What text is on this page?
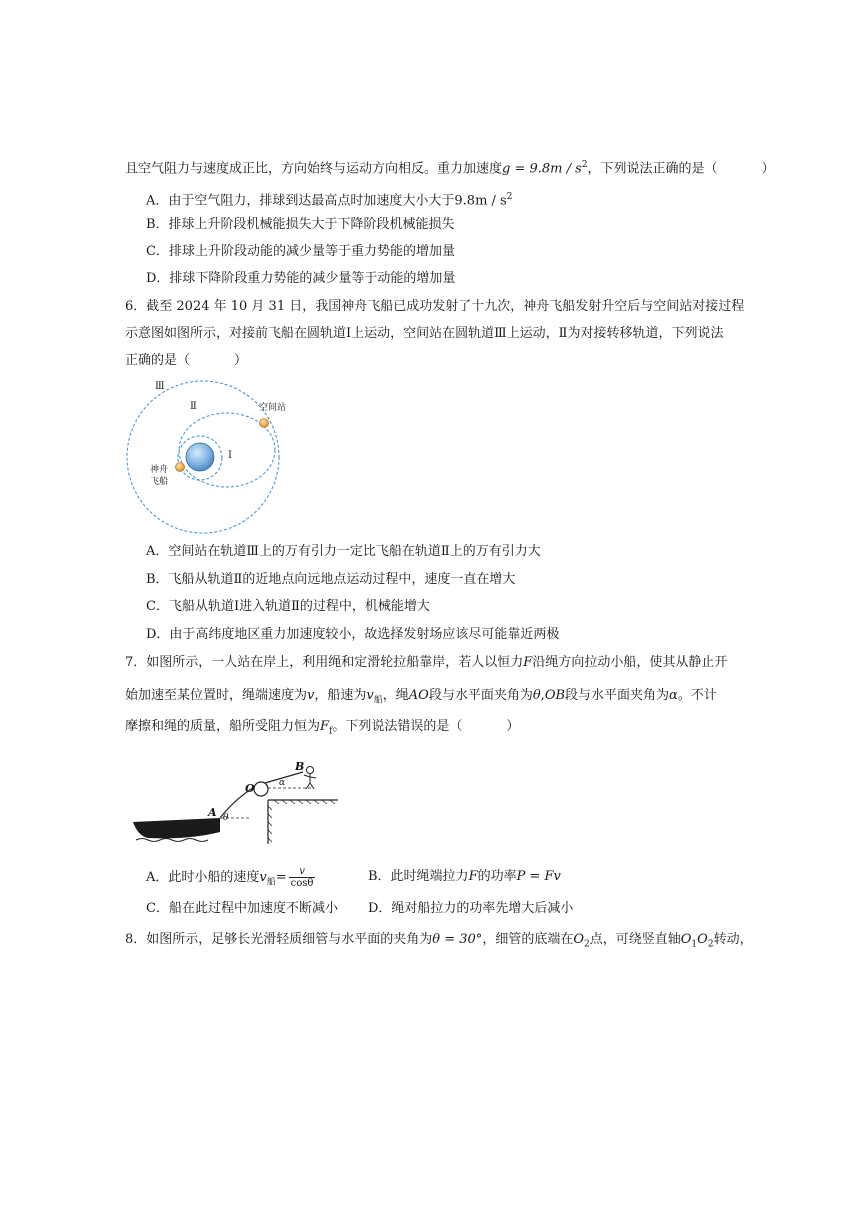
且空气阻力与速度成正比，方向始终与运动方向相反。重力加速度$g = 9.8m / s^2$，下列说法正确的是（	）
A．由于空气阻力，排球到达最高点时加速度大小大于$9.8m / s^2$
B．排球上升阶段机械能损失大于下降阶段机械能损失
C．排球上升阶段动能的减少量等于重力势能的增加量
D．排球下降阶段重力势能的减少量等于动能的增加量
6．截至 2024 年 10 月 31 日，我国神舟飞船已成功发射了十九次，神舟飞船发射升空后与空间站对接过程
示意图如图所示，对接前飞船在圆轨道Ⅰ上运动，空间站在圆轨道Ⅲ上运动，Ⅱ为对接转移轨道，下列说法
正确的是（	）
Ⅲ
Ⅱ
Ⅰ
空间站
神舟
飞船
A．空间站在轨道Ⅲ上的万有引力一定比飞船在轨道Ⅱ上的万有引力大
B．飞船从轨道Ⅱ的近地点向远地点运动过程中，速度一直在增大
C．飞船从轨道Ⅰ进入轨道Ⅱ的过程中，机械能增大
D．由于高纬度地区重力加速度较小，故选择发射场应该尽可能靠近两极
7．如图所示，一人站在岸上，利用绳和定滑轮拉船靠岸，若人以恒力F沿绳方向拉动小船，使其从静止开
始加速至某位置时，绳端速度为v，船速为$v_船$，绳AO段与水平面夹角为θ,OB段与水平面夹角为α。不计
摩擦和绳的质量，船所受阻力恒为$F_f$。下列说法错误的是（	）
A θ
O	α
B
A．此时小船的速度$v_船= \frac{v}{\cos\theta}$	B．此时绳端拉力F的功率P = Fv
C．船在此过程中加速度不断减小 D．绳对船拉力的功率先增大后减小
8．如图所示，足够长光滑轻质细管与水平面的夹角为θ = 30°，细管的底端在$O_2$点，可绕竖直轴$O_1O_2$转动，
